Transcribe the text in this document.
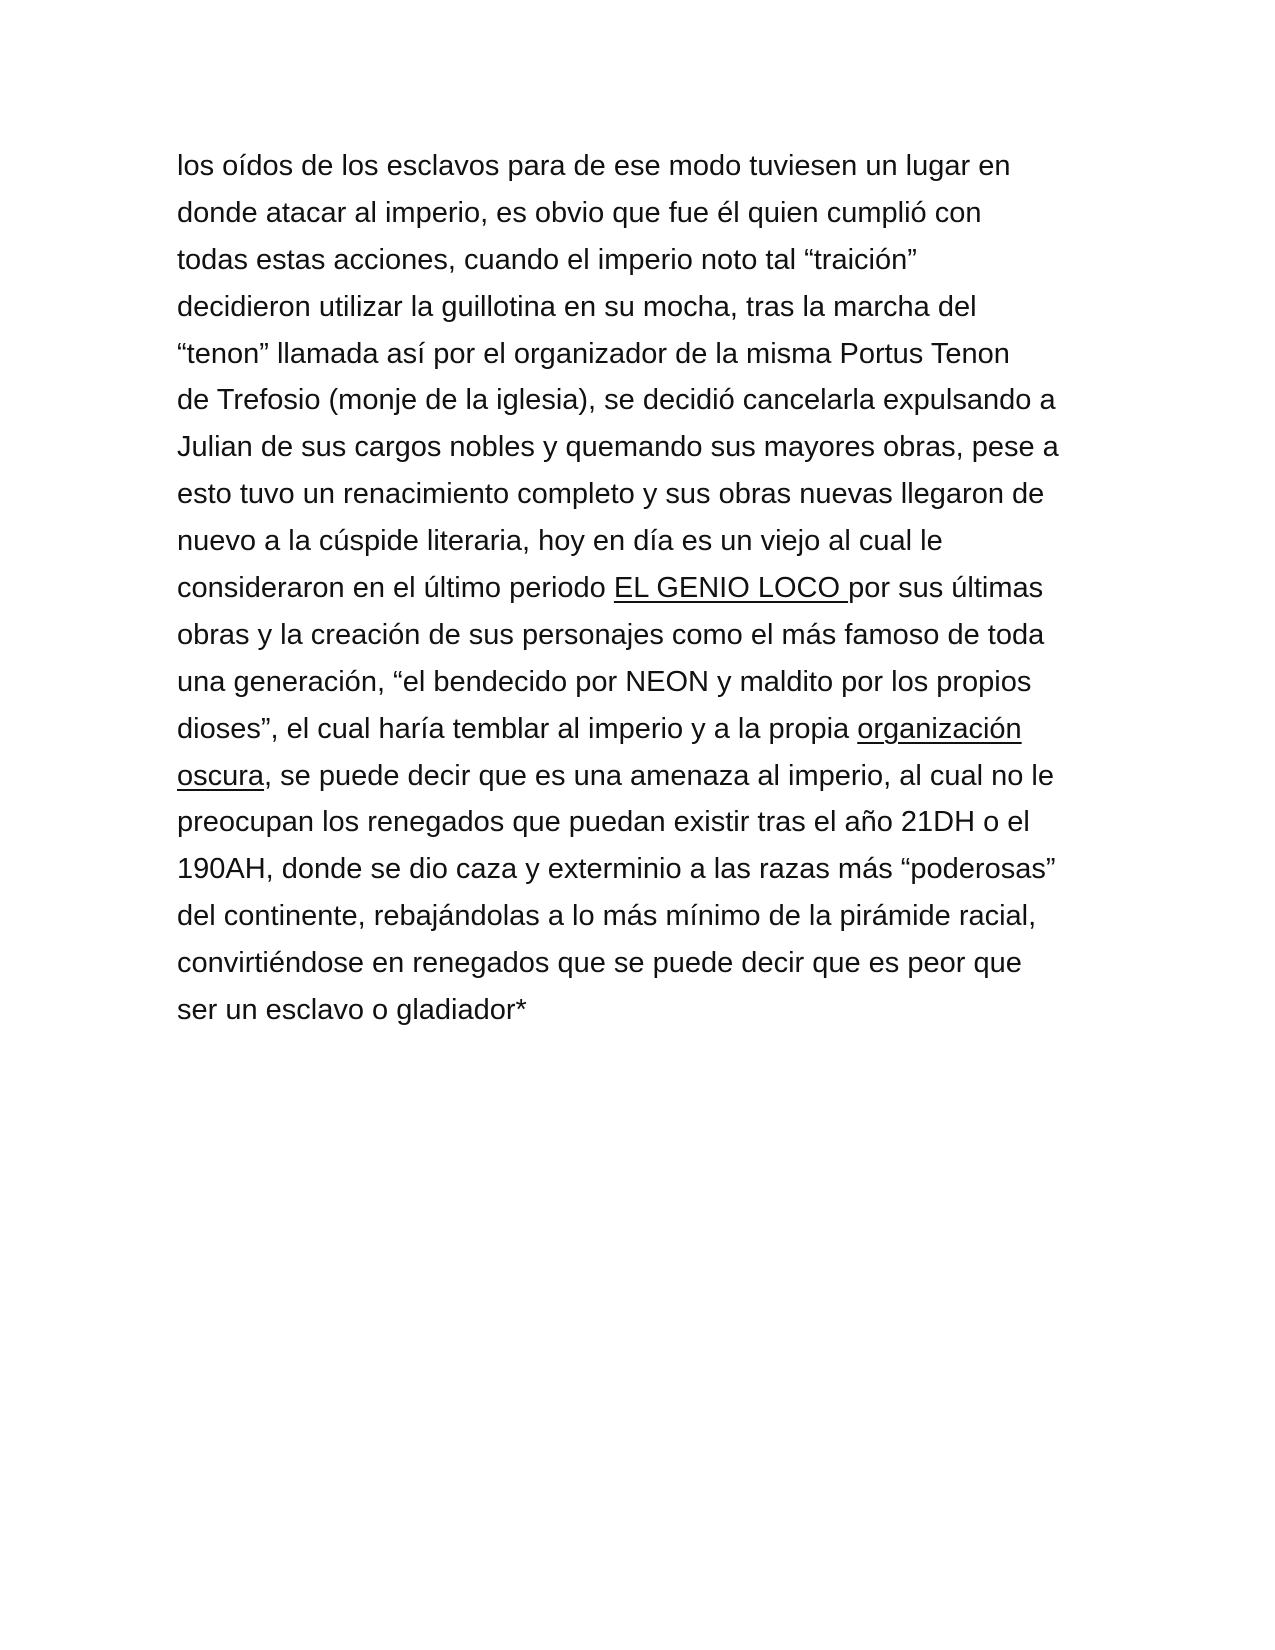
los oídos de los esclavos para de ese modo tuviesen un lugar en
donde atacar al imperio, es obvio que fue él quien cumplió con
todas estas acciones, cuando el imperio noto tal “traición”
decidieron utilizar la guillotina en su mocha, tras la marcha del
“tenon” llamada así por el organizador de la misma Portus Tenon
de Trefosio (monje de la iglesia), se decidió cancelarla expulsando a
Julian de sus cargos nobles y quemando sus mayores obras, pese a
esto tuvo un renacimiento completo y sus obras nuevas llegaron de
nuevo a la cúspide literaria, hoy en día es un viejo al cual le
consideraron en el último periodo EL GENIO LOCO por sus últimas
obras y la creación de sus personajes como el más famoso de toda
una generación, “el bendecido por NEON y maldito por los propios
dioses”, el cual haría temblar al imperio y a la propia organización
oscura, se puede decir que es una amenaza al imperio, al cual no le
preocupan los renegados que puedan existir tras el año 21DH o el
190AH, donde se dio caza y exterminio a las razas más “poderosas”
del continente, rebajándolas a lo más mínimo de la pirámide racial,
convirtiéndose en renegados que se puede decir que es peor que
ser un esclavo o gladiador*
